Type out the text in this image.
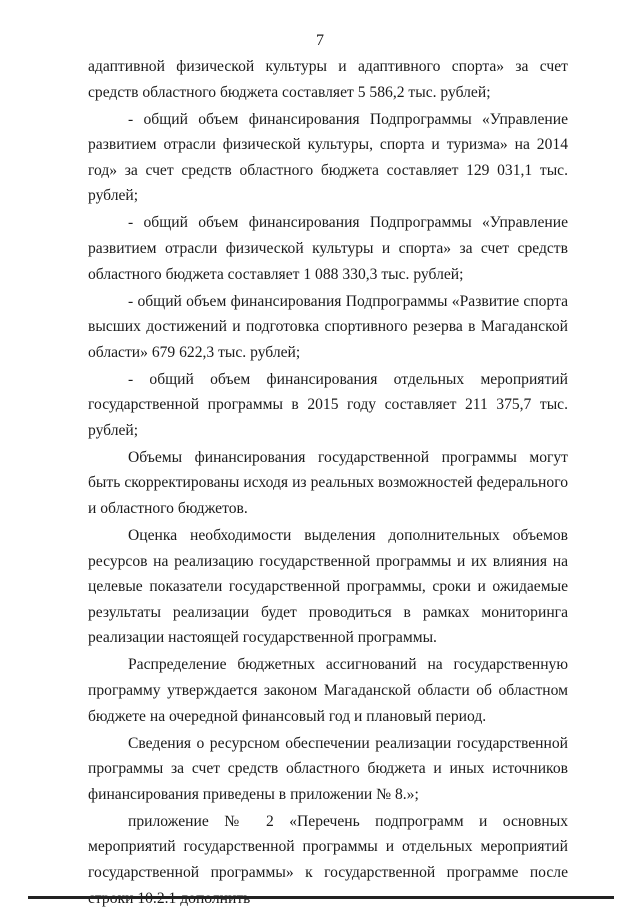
7

адаптивной физической культуры и адаптивного спорта» за счет средств областного бюджета составляет 5 586,2 тыс. рублей;

- общий объем финансирования Подпрограммы «Управление развитием отрасли физической культуры, спорта и туризма» на 2014 год» за счет средств областного бюджета составляет 129 031,1 тыс. рублей;

- общий объем финансирования Подпрограммы «Управление развитием отрасли физической культуры и спорта» за счет средств областного бюджета составляет 1 088 330,3 тыс. рублей;

- общий объем финансирования Подпрограммы «Развитие спорта высших достижений и подготовка спортивного резерва в Магаданской области» 679 622,3 тыс. рублей;

- общий объем финансирования отдельных мероприятий государственной программы в 2015 году составляет 211 375,7 тыс. рублей;

Объемы финансирования государственной программы могут быть скорректированы исходя из реальных возможностей федерального и областного бюджетов.

Оценка необходимости выделения дополнительных объемов ресурсов на реализацию государственной программы и их влияния на целевые показатели государственной программы, сроки и ожидаемые результаты реализации будет проводиться в рамках мониторинга реализации настоящей государственной программы.

Распределение бюджетных ассигнований на государственную программу утверждается законом Магаданской области об областном бюджете на очередной финансовый год и плановый период.

Сведения о ресурсном обеспечении реализации государственной программы за счет средств областного бюджета и иных источников финансирования приведены в приложении № 8.»;

приложение № 2 «Перечень подпрограмм и основных мероприятий государственной программы и отдельных мероприятий государственной программы» к государственной программе после
